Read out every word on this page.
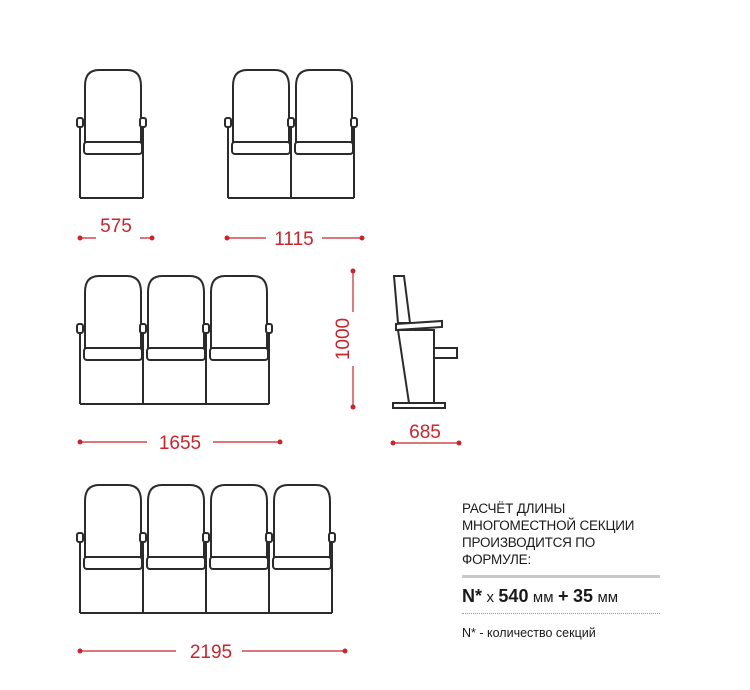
575
1115
1655
1000
685
2195
РАСЧЁТ ДЛИНЫ
МНОГОМЕСТНОЙ СЕКЦИИ
ПРОИЗВОДИТСЯ ПО ФОРМУЛЕ:
N* x 540 мм + 35 мм
N* - количество секций
